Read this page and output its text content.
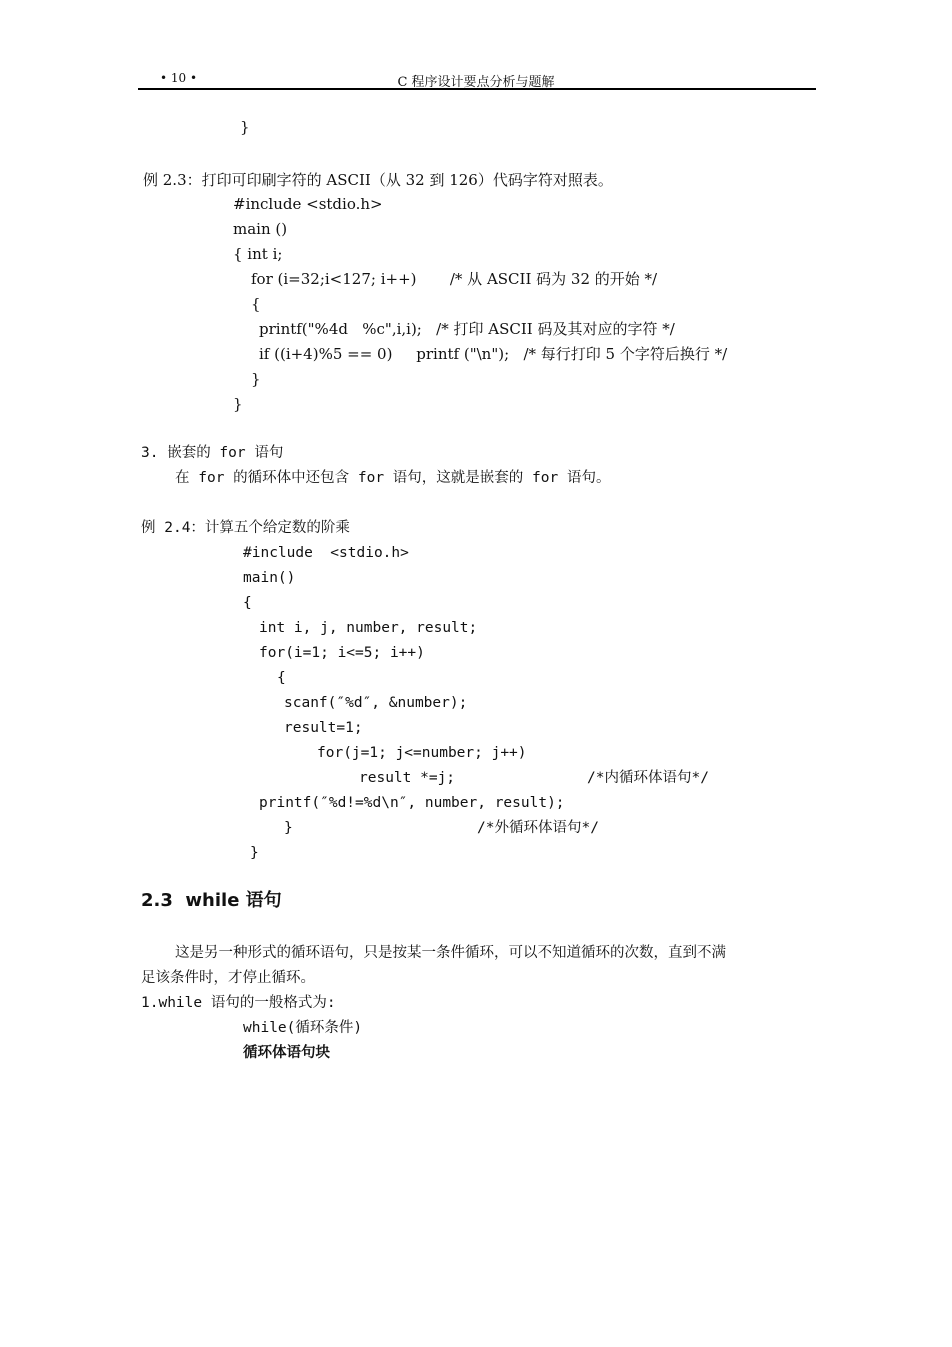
• 10 •	C 程序设计要点分析与题解
}
例 2.3：打印可印刷字符的 ASCII（从 32 到 126）代码字符对照表。
#include <stdio.h>
main ()
{ int i;
for (i=32;i<127; i++)       /* 从 ASCII 码为 32 的开始 */
{
printf("%4d   %c",i,i);   /* 打印 ASCII 码及其对应的字符 */
if ((i+4)%5 == 0)     printf ("\n");   /* 每行打印 5 个字符后换行 */
}
}
3. 嵌套的 for 语句
在 for 的循环体中还包含 for 语句，这就是嵌套的 for 语句。
例 2.4：计算五个给定数的阶乘
#include  <stdio.h>
main()
{
int i, j, number, result;
for(i=1; i<=5; i++)
{
scanf(″%d″, &number);
result=1;
for(j=1; j<=number; j++)
result *=j;	/*内循环体语句*/
printf(″%d!=%d\n″, number, result);
}	/*外循环体语句*/
}
2.3  while 语句
这是另一种形式的循环语句，只是按某一条件循环，可以不知道循环的次数，直到不满
足该条件时，才停止循环。
1.while 语句的一般格式为:
while(循环条件)
循环体语句块
